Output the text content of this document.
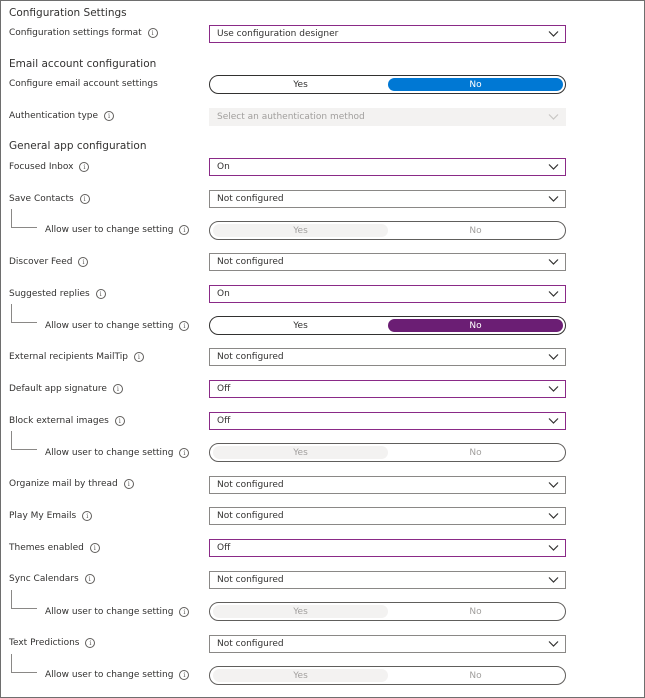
Configuration Settings
Configuration settings format	i	Use configuration designer
Email account configuration
Configure email account settings	Yes	No
Authentication type	i	Select an authentication method
General app configuration
Focused Inbox	i	On
Save Contacts	i	Not configured
Allow user to change setting	i	Yes	No
Discover Feed	i	Not configured
Suggested replies	i	On
Allow user to change setting	i	Yes	No
External recipients MailTip	i	Not configured
Default app signature	i	Off
Block external images	i	Off
Allow user to change setting	i	Yes	No
Organize mail by thread	i	Not configured
Play My Emails	i	Not configured
Themes enabled	i	Off
Sync Calendars	i	Not configured
Allow user to change setting	i	Yes	No
Text Predictions	i	Not configured
Allow user to change setting	i	Yes	No
